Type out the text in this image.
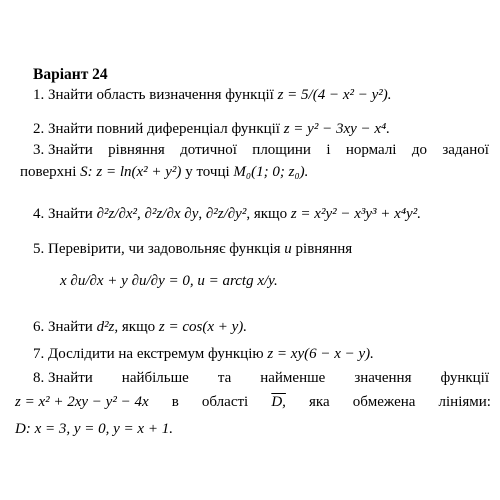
Варіант 24
1. Знайти область визначення функції z = 5/(4 − x² − y²).
2. Знайти повний диференціал функції z = y² − 3xy − x⁴.
3. Знайти рівняння дотичної площини і нормалі до заданої
поверхні S: z = ln(x² + y²) у точці M₀(1; 0; z₀).
4. Знайти ∂²z/∂x², ∂²z/∂x ∂y, ∂²z/∂y², якщо z = x²y² − x³y³ + x⁴y².
5. Перевірити, чи задовольняє функція u рівняння
x ∂u/∂x + y ∂u/∂y = 0, u = arctg x/y.
6. Знайти d²z, якщо z = cos(x + y).
7. Дослідити на екстремум функцію z = xy(6 − x − y).
8. Знайти найбільше та найменше значення функції
z = x² + 2xy − y² − 4x в області D, яка обмежена лініями:
D: x = 3, y = 0, y = x + 1.
